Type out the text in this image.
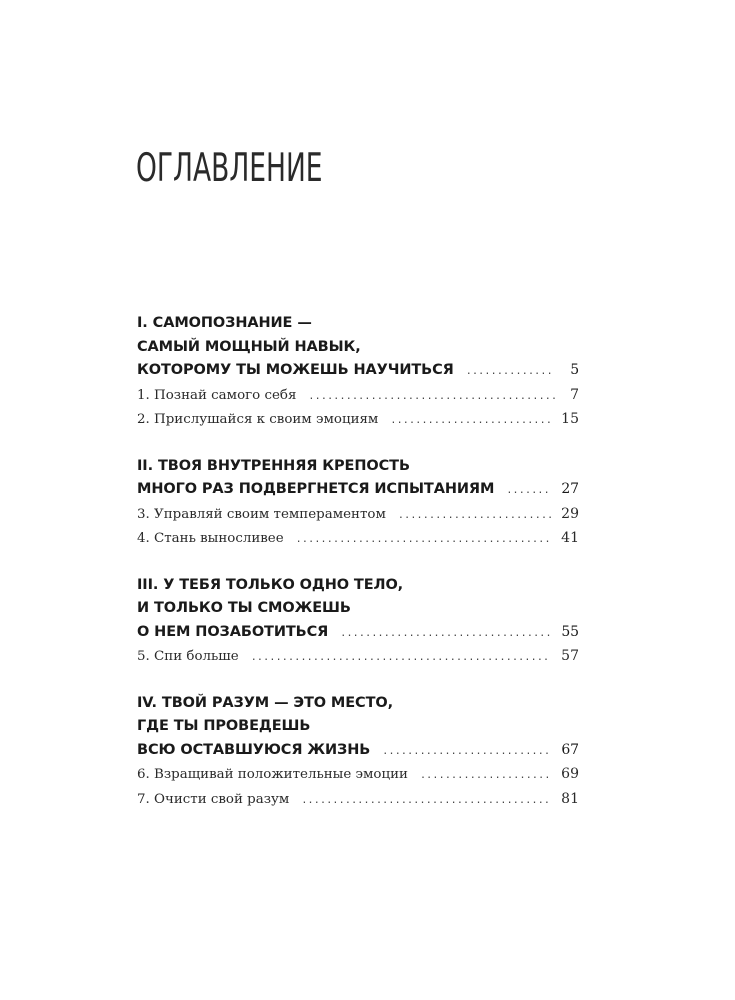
ОГЛАВЛЕНИЕ
I. САМОПОЗНАНИЕ —
САМЫЙ МОЩНЫЙ НАВЫК,
КОТОРОМУ ТЫ МОЖЕШЬ НАУЧИТЬСЯ .....	5
1. Познай самого себя .....	7
2. Прислушайся к своим эмоциям .....	15
II. ТВОЯ ВНУТРЕННЯЯ КРЕПОСТЬ
МНОГО РАЗ ПОДВЕРГНЕТСЯ ИСПЫТАНИЯМ .....	27
3. Управляй своим темпераментом .....	29
4. Стань выносливее .....	41
III. У ТЕБЯ ТОЛЬКО ОДНО ТЕЛО,
И ТОЛЬКО ТЫ СМОЖЕШЬ
О НЕМ ПОЗАБОТИТЬСЯ .....	55
5. Спи больше .....	57
IV. ТВОЙ РАЗУМ — ЭТО МЕСТО,
ГДЕ ТЫ ПРОВЕДЕШЬ
ВСЮ ОСТАВШУЮСЯ ЖИЗНЬ .....	67
6. Взращивай положительные эмоции .....	69
7. Очисти свой разум .....	81
